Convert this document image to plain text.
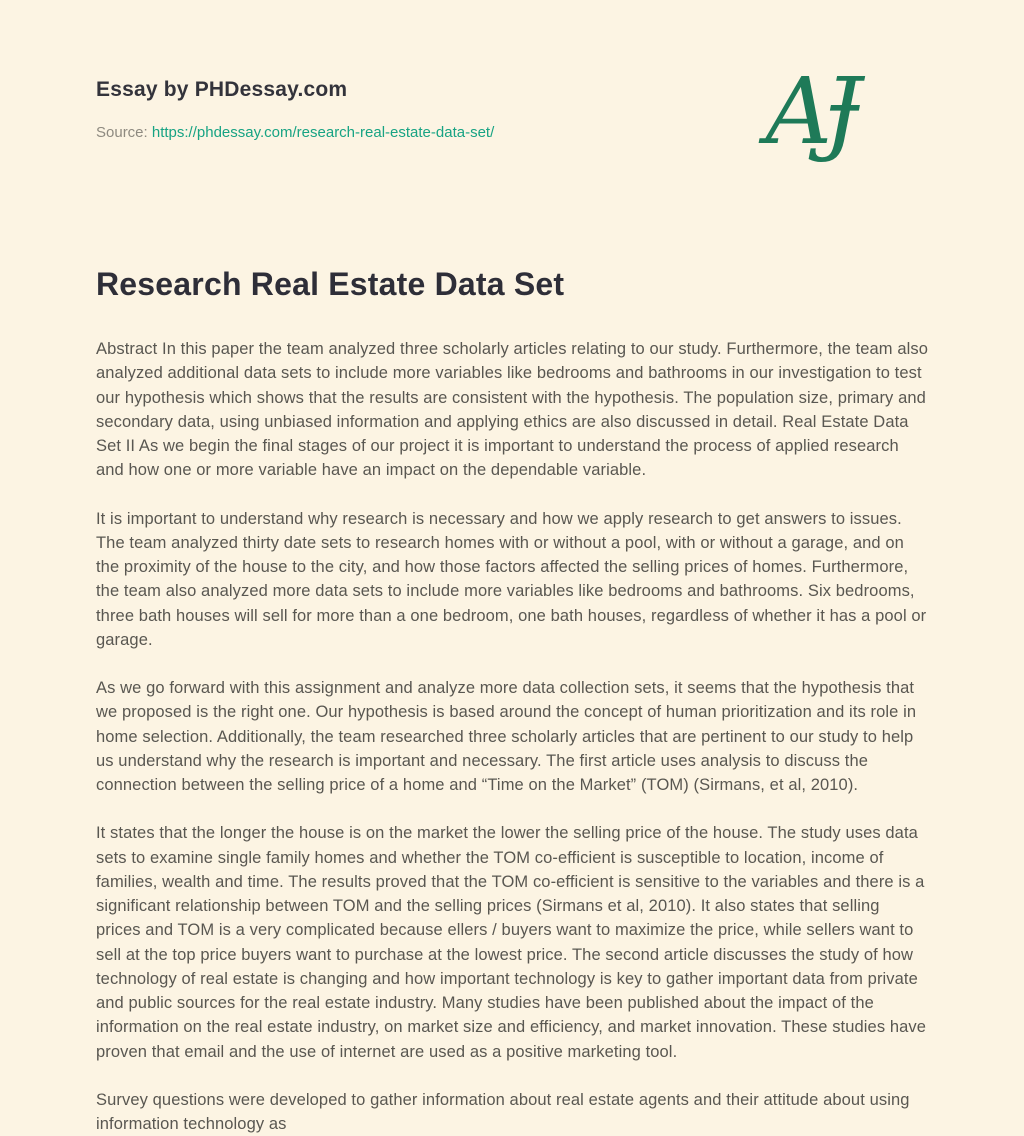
Essay by PHDessay.com
Source: https://phdessay.com/research-real-estate-data-set/	AɈ
Research Real Estate Data Set

Abstract In this paper the team analyzed three scholarly articles relating to our study. Furthermore, the team also analyzed additional data sets to include more variables like bedrooms and bathrooms in our investigation to test our hypothesis which shows that the results are consistent with the hypothesis. The population size, primary and secondary data, using unbiased information and applying ethics are also discussed in detail. Real Estate Data Set II As we begin the final stages of our project it is important to understand the process of applied research and how one or more variable have an impact on the dependable variable.

It is important to understand why research is necessary and how we apply research to get answers to issues. The team analyzed thirty date sets to research homes with or without a pool, with or without a garage, and on the proximity of the house to the city, and how those factors affected the selling prices of homes. Furthermore, the team also analyzed more data sets to include more variables like bedrooms and bathrooms. Six bedrooms, three bath houses will sell for more than a one bedroom, one bath houses, regardless of whether it has a pool or garage.

As we go forward with this assignment and analyze more data collection sets, it seems that the hypothesis that we proposed is the right one. Our hypothesis is based around the concept of human prioritization and its role in home selection. Additionally, the team researched three scholarly articles that are pertinent to our study to help us understand why the research is important and necessary. The first article uses analysis to discuss the connection between the selling price of a home and “Time on the Market” (TOM) (Sirmans, et al, 2010).

It states that the longer the house is on the market the lower the selling price of the house. The study uses data sets to examine single family homes and whether the TOM co-efficient is susceptible to location, income of families, wealth and time. The results proved that the TOM co-efficient is sensitive to the variables and there is a significant relationship between TOM and the selling prices (Sirmans et al, 2010). It also states that selling prices and TOM is a very complicated because ellers / buyers want to maximize the price, while sellers want to sell at the top price buyers want to purchase at the lowest price. The second article discusses the study of how technology of real estate is changing and how important technology is key to gather important data from private and public sources for the real estate industry. Many studies have been published about the impact of the information on the real estate industry, on market size and efficiency, and market innovation. These studies have proven that email and the use of internet are used as a positive marketing tool.

Survey questions were developed to gather information about real estate agents and their attitude about using information technology as
